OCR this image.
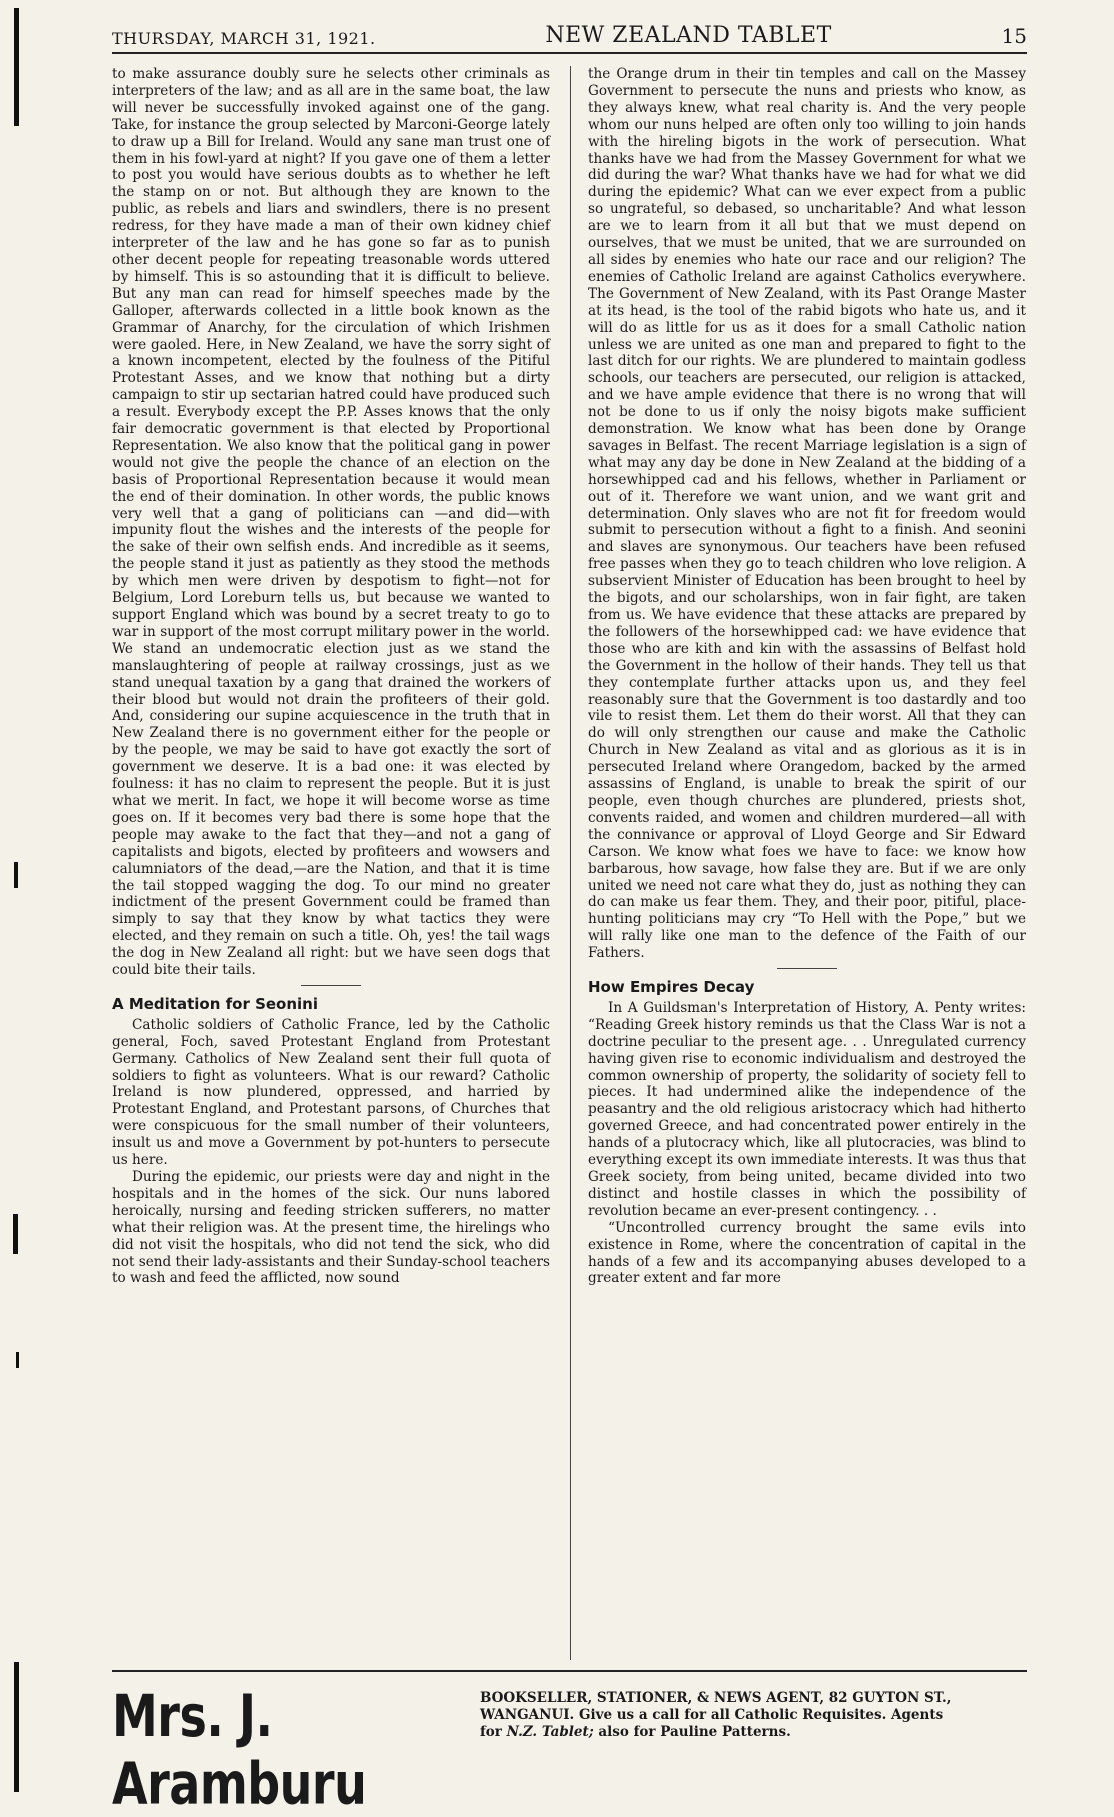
THURSDAY, MARCH 31, 1921.	NEW ZEALAND TABLET	15

to make assurance doubly sure he selects other criminals as interpreters of the law; and as all are in the same boat, the law will never be successfully invoked against one of the gang. Take, for instance the group selected by Marconi-George lately to draw up a Bill for Ireland. Would any sane man trust one of them in his fowl-yard at night? If you gave one of them a letter to post you would have serious doubts as to whether he left the stamp on or not. But although they are known to the public, as rebels and liars and swindlers, there is no present redress, for they have made a man of their own kidney chief interpreter of the law and he has gone so far as to punish other decent people for repeating treasonable words uttered by himself. This is so astounding that it is difficult to believe. But any man can read for himself speeches made by the Galloper, afterwards collected in a little book known as the Grammar of Anarchy, for the circulation of which Irishmen were gaoled. Here, in New Zealand, we have the sorry sight of a known incompetent, elected by the foulness of the Pitiful Protestant Asses, and we know that nothing but a dirty campaign to stir up sectarian hatred could have produced such a result. Everybody except the P.P. Asses knows that the only fair democratic government is that elected by Proportional Representation. We also know that the political gang in power would not give the people the chance of an election on the basis of Proportional Representation because it would mean the end of their domination. In other words, the public knows very well that a gang of politicians can —and did—with impunity flout the wishes and the interests of the people for the sake of their own selfish ends. And incredible as it seems, the people stand it just as patiently as they stood the methods by which men were driven by despotism to fight—not for Belgium, Lord Loreburn tells us, but because we wanted to support England which was bound by a secret treaty to go to war in support of the most corrupt military power in the world. We stand an undemocratic election just as we stand the manslaughtering of people at railway crossings, just as we stand unequal taxation by a gang that drained the workers of their blood but would not drain the profiteers of their gold. And, considering our supine acquiescence in the truth that in New Zealand there is no government either for the people or by the people, we may be said to have got exactly the sort of government we deserve. It is a bad one: it was elected by foulness: it has no claim to represent the people. But it is just what we merit. In fact, we hope it will become worse as time goes on. If it becomes very bad there is some hope that the people may awake to the fact that they—and not a gang of capitalists and bigots, elected by profiteers and wowsers and calumniators of the dead,—are the Nation, and that it is time the tail stopped wagging the dog. To our mind no greater indictment of the present Government could be framed than simply to say that they know by what tactics they were elected, and they remain on such a title. Oh, yes! the tail wags the dog in New Zealand all right: but we have seen dogs that could bite their tails.

A Meditation for Seonini

Catholic soldiers of Catholic France, led by the Catholic general, Foch, saved Protestant England from Protestant Germany. Catholics of New Zealand sent their full quota of soldiers to fight as volunteers. What is our reward? Catholic Ireland is now plundered, oppressed, and harried by Protestant England, and Protestant parsons, of Churches that were conspicuous for the small number of their volunteers, insult us and move a Government by pot-hunters to persecute us here.

During the epidemic, our priests were day and night in the hospitals and in the homes of the sick. Our nuns labored heroically, nursing and feeding stricken sufferers, no matter what their religion was. At the present time, the hirelings who did not visit the hospitals, who did not tend the sick, who did not send their lady-assistants and their Sunday-school teachers to wash and feed the afflicted, now sound

the Orange drum in their tin temples and call on the Massey Government to persecute the nuns and priests who know, as they always knew, what real charity is. And the very people whom our nuns helped are often only too willing to join hands with the hireling bigots in the work of persecution. What thanks have we had from the Massey Government for what we did during the war? What thanks have we had for what we did during the epidemic? What can we ever expect from a public so ungrateful, so debased, so uncharitable? And what lesson are we to learn from it all but that we must depend on ourselves, that we must be united, that we are surrounded on all sides by enemies who hate our race and our religion? The enemies of Catholic Ireland are against Catholics everywhere. The Government of New Zealand, with its Past Orange Master at its head, is the tool of the rabid bigots who hate us, and it will do as little for us as it does for a small Catholic nation unless we are united as one man and prepared to fight to the last ditch for our rights. We are plundered to maintain godless schools, our teachers are persecuted, our religion is attacked, and we have ample evidence that there is no wrong that will not be done to us if only the noisy bigots make sufficient demonstration. We know what has been done by Orange savages in Belfast. The recent Marriage legislation is a sign of what may any day be done in New Zealand at the bidding of a horsewhipped cad and his fellows, whether in Parliament or out of it. Therefore we want union, and we want grit and determination. Only slaves who are not fit for freedom would submit to persecution without a fight to a finish. And seonini and slaves are synonymous. Our teachers have been refused free passes when they go to teach children who love religion. A subservient Minister of Education has been brought to heel by the bigots, and our scholarships, won in fair fight, are taken from us. We have evidence that these attacks are prepared by the followers of the horsewhipped cad: we have evidence that those who are kith and kin with the assassins of Belfast hold the Government in the hollow of their hands. They tell us that they contemplate further attacks upon us, and they feel reasonably sure that the Government is too dastardly and too vile to resist them. Let them do their worst. All that they can do will only strengthen our cause and make the Catholic Church in New Zealand as vital and as glorious as it is in persecuted Ireland where Orangedom, backed by the armed assassins of England, is unable to break the spirit of our people, even though churches are plundered, priests shot, convents raided, and women and children murdered—all with the connivance or approval of Lloyd George and Sir Edward Carson. We know what foes we have to face: we know how barbarous, how savage, how false they are. But if we are only united we need not care what they do, just as nothing they can do can make us fear them. They, and their poor, pitiful, place-hunting politicians may cry “To Hell with the Pope,” but we will rally like one man to the defence of the Faith of our Fathers.

How Empires Decay

In A Guildsman's Interpretation of History, A. Penty writes: “Reading Greek history reminds us that the Class War is not a doctrine peculiar to the present age. . . Unregulated currency having given rise to economic individualism and destroyed the common ownership of property, the solidarity of society fell to pieces. It had undermined alike the independence of the peasantry and the old religious aristocracy which had hitherto governed Greece, and had concentrated power entirely in the hands of a plutocracy which, like all plutocracies, was blind to everything except its own immediate interests. It was thus that Greek society, from being united, became divided into two distinct and hostile classes in which the possibility of revolution became an ever-present contingency. . .

“Uncontrolled currency brought the same evils into existence in Rome, where the concentration of capital in the hands of a few and its accompanying abuses developed to a greater extent and far more

Mrs. J. Aramburu
BOOKSELLER, STATIONER, & NEWS AGENT, 82 GUYTON ST.,
WANGANUI. Give us a call for all Catholic Requisites. Agents
for N.Z. Tablet; also for Pauline Patterns.
